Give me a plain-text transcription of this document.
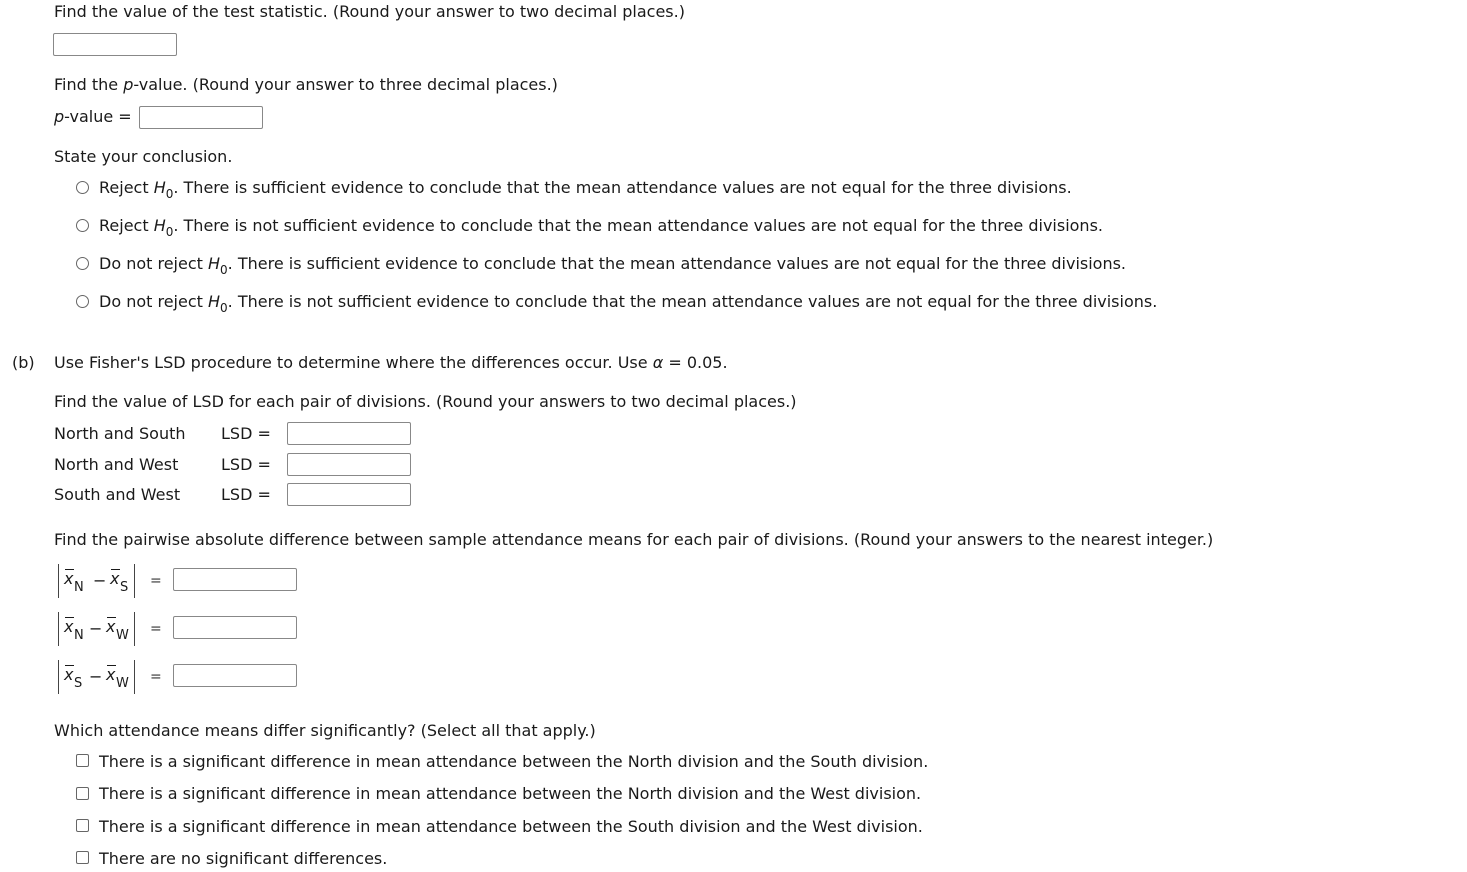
Find the value of the test statistic. (Round your answer to two decimal places.)
Find the p-value. (Round your answer to three decimal places.)
p-value =
State your conclusion.
Reject $H_0$. There is sufficient evidence to conclude that the mean attendance values are not equal for the three divisions.
Reject $H_0$. There is not sufficient evidence to conclude that the mean attendance values are not equal for the three divisions.
Do not reject $H_0$. There is sufficient evidence to conclude that the mean attendance values are not equal for the three divisions.
Do not reject $H_0$. There is not sufficient evidence to conclude that the mean attendance values are not equal for the three divisions.
(b) Use Fisher's LSD procedure to determine where the differences occur. Use α = 0.05.
Find the value of LSD for each pair of divisions. (Round your answers to two decimal places.)
North and South LSD =
North and West	LSD =
South and West	LSD =
Find the pairwise absolute difference between sample attendance means for each pair of divisions. (Round your answers to the nearest integer.)
x N − x S =
x N − x W =
x S − x W =
Which attendance means differ significantly? (Select all that apply.)
There is a significant difference in mean attendance between the North division and the South division.
There is a significant difference in mean attendance between the North division and the West division.
There is a significant difference in mean attendance between the South division and the West division.
There are no significant differences.
